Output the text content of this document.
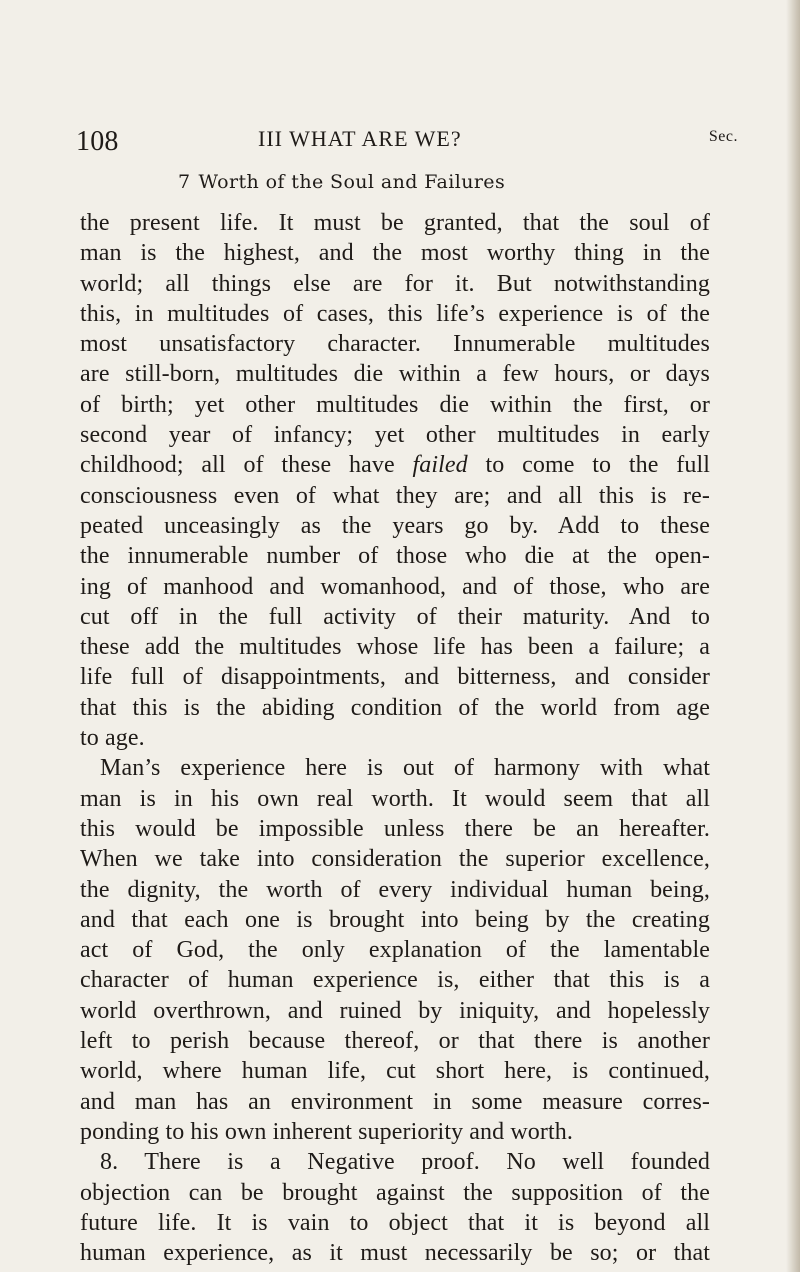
108	III WHAT ARE WE?	Sec.
7 Worth of the Soul and Failures
the present life. It must be granted, that the soul of
man is the highest, and the most worthy thing in the
world; all things else are for it. But notwithstanding
this, in multitudes of cases, this life’s experience is of the
most unsatisfactory character. Innumerable multitudes
are still-born, multitudes die within a few hours, or days
of birth; yet other multitudes die within the first, or
second year of infancy; yet other multitudes in early
childhood; all of these have failed to come to the full
consciousness even of what they are; and all this is re-
peated unceasingly as the years go by. Add to these
the innumerable number of those who die at the open-
ing of manhood and womanhood, and of those, who are
cut off in the full activity of their maturity. And to
these add the multitudes whose life has been a failure; a
life full of disappointments, and bitterness, and consider
that this is the abiding condition of the world from age
to age.
Man’s experience here is out of harmony with what
man is in his own real worth. It would seem that all
this would be impossible unless there be an hereafter.
When we take into consideration the superior excellence,
the dignity, the worth of every individual human being,
and that each one is brought into being by the creating
act of God, the only explanation of the lamentable
character of human experience is, either that this is a
world overthrown, and ruined by iniquity, and hopelessly
left to perish because thereof, or that there is another
world, where human life, cut short here, is continued,
and man has an environment in some measure corres-
ponding to his own inherent superiority and worth.
8. There is a Negative proof. No well founded
objection can be brought against the supposition of the
future life. It is vain to object that it is beyond all
human experience, as it must necessarily be so; or that
